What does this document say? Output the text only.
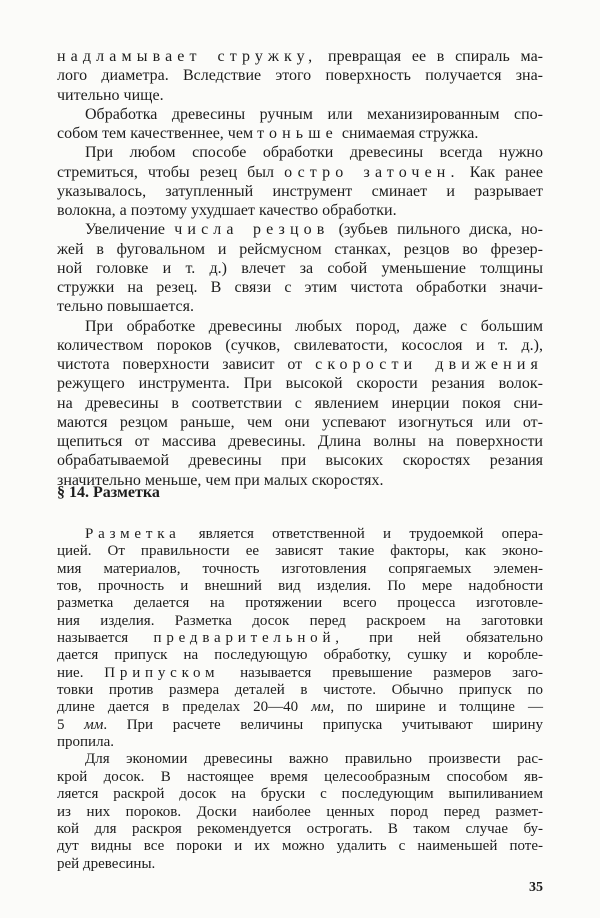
надламывает стружку, превращая ее в спираль ма-
лого диаметра. Вследствие этого поверхность получается зна-
чительно чище.
Обработка древесины ручным или механизированным спо-
собом тем качественнее, чем тоньше снимаемая стружка.
При любом способе обработки древесины всегда нужно
стремиться, чтобы резец был остро заточен. Как ранее
указывалось, затупленный инструмент сминает и разрывает
волокна, а поэтому ухудшает качество обработки.
Увеличение числа резцов (зубьев пильного диска, но-
жей в фуговальном и рейсмусном станках, резцов во фрезер-
ной головке и т. д.) влечет за собой уменьшение толщины
стружки на резец. В связи с этим чистота обработки значи-
тельно повышается.
При обработке древесины любых пород, даже с большим
количеством пороков (сучков, свилеватости, косослоя и т. д.),
чистота поверхности зависит от скорости движения
режущего инструмента. При высокой скорости резания волок-
на древесины в соответствии с явлением инерции покоя сни-
маются резцом раньше, чем они успевают изогнуться или от-
щепиться от массива древесины. Длина волны на поверхности
обрабатываемой древесины при высоких скоростях резания
значительно меньше, чем при малых скоростях.
§ 14. Разметка
Разметка является ответственной и трудоемкой опера-
цией. От правильности ее зависят такие факторы, как эконо-
мия материалов, точность изготовления сопрягаемых элемен-
тов, прочность и внешний вид изделия. По мере надобности
разметка делается на протяжении всего процесса изготовле-
ния изделия. Разметка досок перед раскроем на заготовки
называется предварительной, при ней обязательно
дается припуск на последующую обработку, сушку и коробле-
ние. Припуском называется превышение размеров заго-
товки против размера деталей в чистоте. Обычно припуск по
длине дается в пределах 20—40 мм, по ширине и толщине —
5 мм. При расчете величины припуска учитывают ширину
пропила.
Для экономии древесины важно правильно произвести рас-
крой досок. В настоящее время целесообразным способом яв-
ляется раскрой досок на бруски с последующим выпиливанием
из них пороков. Доски наиболее ценных пород перед размет-
кой для раскроя рекомендуется острогать. В таком случае бу-
дут видны все пороки и их можно удалить с наименьшей поте-
рей древесины.
35
